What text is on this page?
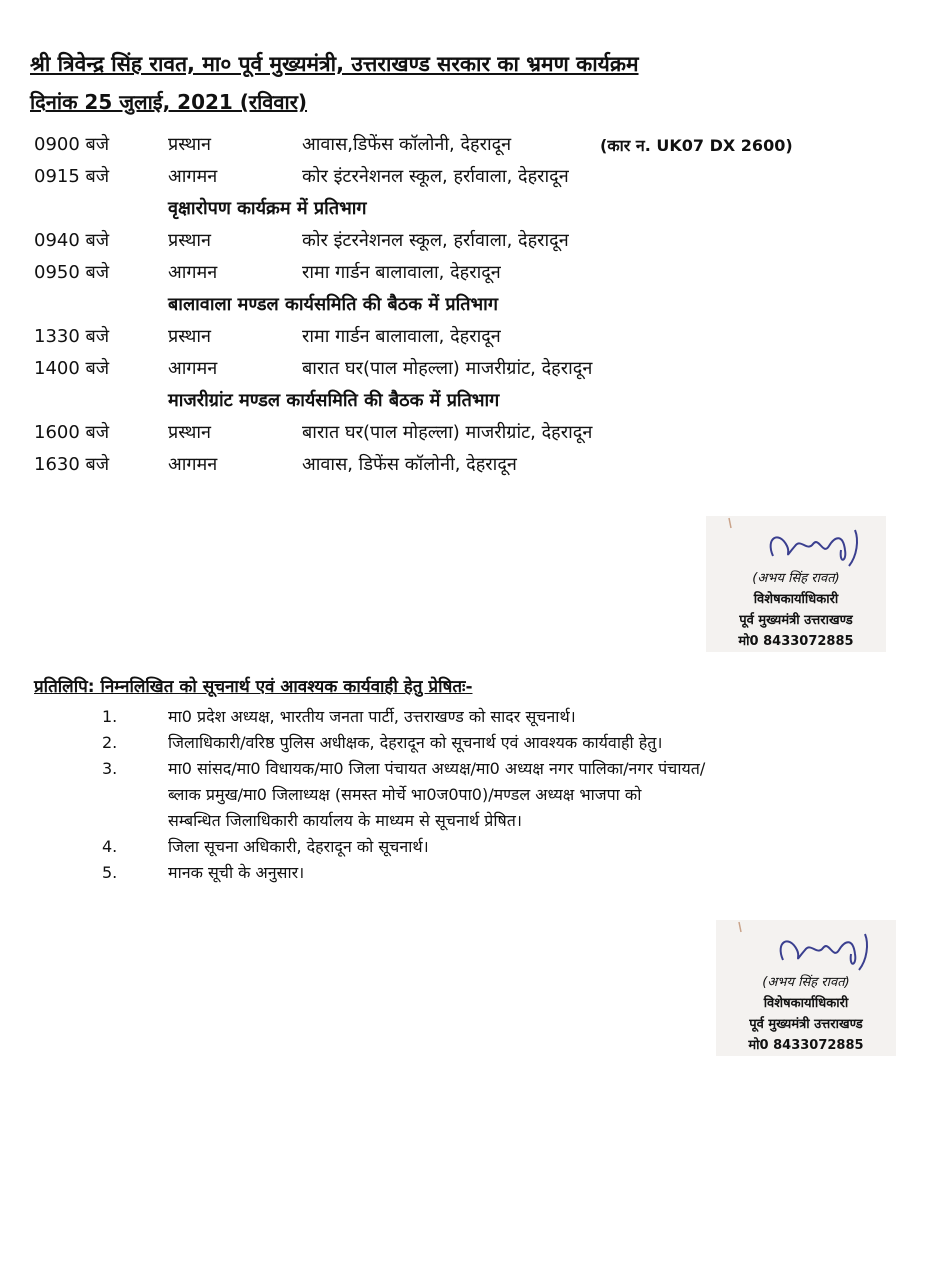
श्री त्रिवेन्द्र सिंह रावत, मा० पूर्व मुख्यमंत्री, उत्तराखण्ड सरकार का भ्रमण कार्यक्रम
दिनांक 25 जुलाई, 2021 (रविवार)
0900 बजे	प्रस्थान	आवास,डिफेंस कॉलोनी, देहरादून	(कार न. UK07 DX 2600)
0915 बजे	आगमन	कोर इंटरनेशनल स्कूल, हर्रावाला, देहरादून
वृक्षारोपण कार्यक्रम में प्रतिभाग
0940 बजे	प्रस्थान	कोर इंटरनेशनल स्कूल, हर्रावाला, देहरादून
0950 बजे	आगमन	रामा गार्डन बालावाला, देहरादून
बालावाला मण्डल कार्यसमिति की बैठक में प्रतिभाग
1330 बजे	प्रस्थान	रामा गार्डन बालावाला, देहरादून
1400 बजे	आगमन	बारात घर(पाल मोहल्ला) माजरीग्रांट, देहरादून
माजरीग्रांट मण्डल कार्यसमिति की बैठक में प्रतिभाग
1600 बजे	प्रस्थान	बारात घर(पाल मोहल्ला) माजरीग्रांट, देहरादून
1630 बजे	आगमन	आवास, डिफेंस कॉलोनी, देहरादून
(अभय सिंह रावत)
विशेषकार्याधिकारी
पूर्व मुख्यमंत्री उत्तराखण्ड
मो0 8433072885
प्रतिलिपि: निम्नलिखित को सूचनार्थ एवं आवश्यक कार्यवाही हेतु प्रेषितः-
1.	मा0 प्रदेश अध्यक्ष, भारतीय जनता पार्टी, उत्तराखण्ड को सादर सूचनार्थ।
2.	जिलाधिकारी/वरिष्ठ पुलिस अधीक्षक, देहरादून को सूचनार्थ एवं आवश्यक कार्यवाही हेतु।
3.	मा0 सांसद/मा0 विधायक/मा0 जिला पंचायत अध्यक्ष/मा0 अध्यक्ष नगर पालिका/नगर पंचायत/
ब्लाक प्रमुख/मा0 जिलाध्यक्ष (समस्त मोर्चे भा0ज0पा0)/मण्डल अध्यक्ष भाजपा को
सम्बन्धित जिलाधिकारी कार्यालय के माध्यम से सूचनार्थ प्रेषित।
4.	जिला सूचना अधिकारी, देहरादून को सूचनार्थ।
5.	मानक सूची के अनुसार।
(अभय सिंह रावत)
विशेषकार्याधिकारी
पूर्व मुख्यमंत्री उत्तराखण्ड
मो0 8433072885
